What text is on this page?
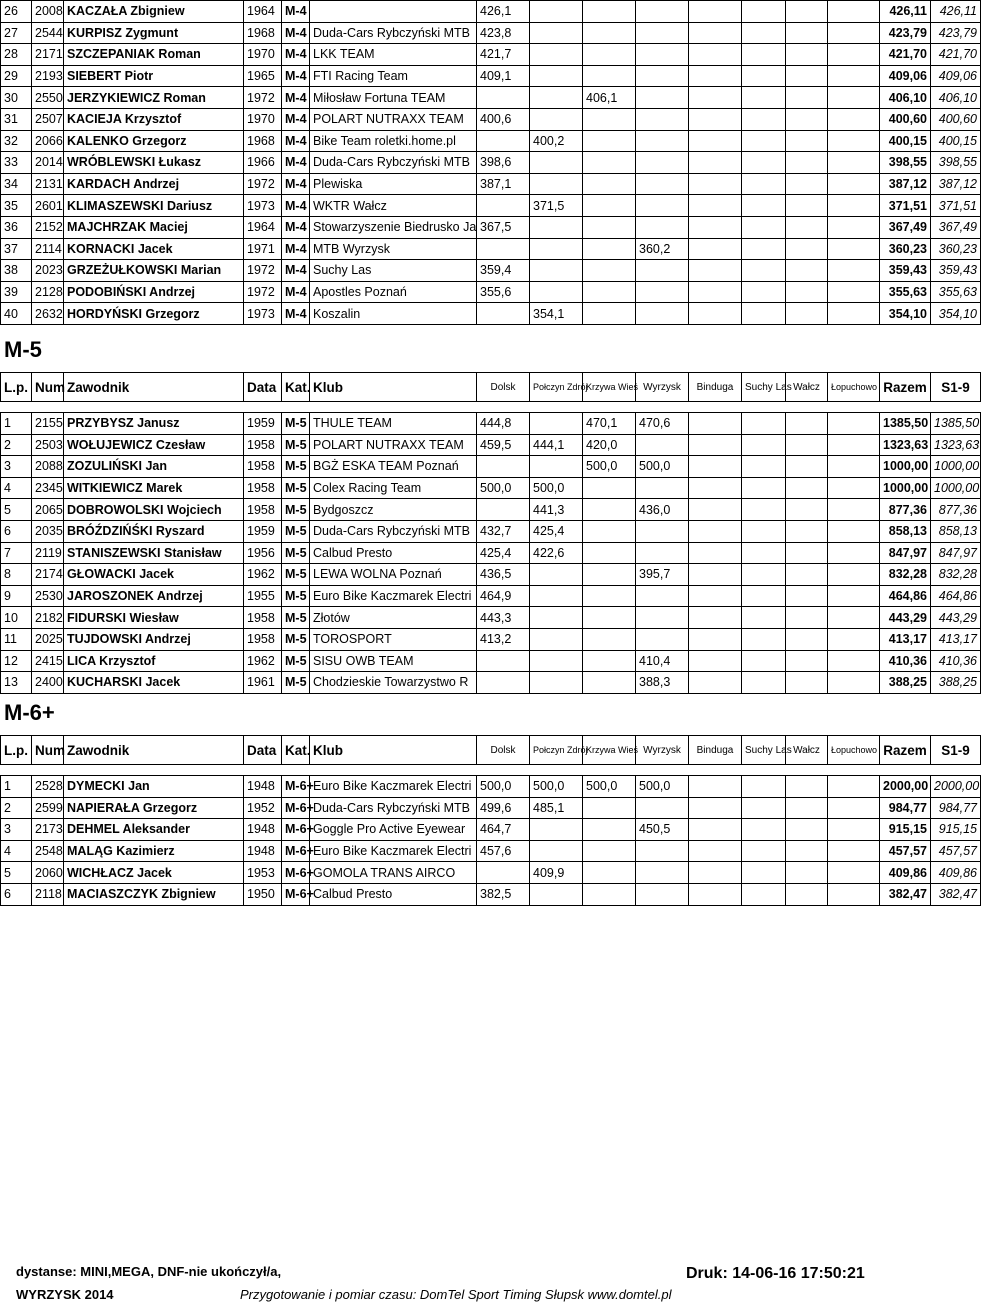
26	2008	KACZAŁA Zbigniew	1964	M-4		426,1								426,11	426,11
27	2544	KURPISZ Zygmunt	1968	M-4	Duda-Cars Rybczyński MTB	423,8								423,79	423,79
28	2171	SZCZEPANIAK Roman	1970	M-4	LKK TEAM	421,7								421,70	421,70
29	2193	SIEBERT Piotr	1965	M-4	FTI Racing Team	409,1								409,06	409,06
30	2550	JERZYKIEWICZ Roman	1972	M-4	Miłosław Fortuna TEAM			406,1						406,10	406,10
31	2507	KACIEJA Krzysztof	1970	M-4	POLART NUTRAXX TEAM	400,6								400,60	400,60
32	2066	KALENKO Grzegorz	1968	M-4	Bike Team roletki.home.pl		400,2							400,15	400,15
33	2014	WRÓBLEWSKI Łukasz	1966	M-4	Duda-Cars Rybczyński MTB	398,6								398,55	398,55
34	2131	KARDACH Andrzej	1972	M-4	Plewiska	387,1								387,12	387,12
35	2601	KLIMASZEWSKI Dariusz	1973	M-4	WKTR Wałcz		371,5							371,51	371,51
36	2152	MAJCHRZAK Maciej	1964	M-4	Stowarzyszenie Biedrusko Ja	367,5								367,49	367,49
37	2114	KORNACKI Jacek	1971	M-4	MTB Wyrzysk				360,2					360,23	360,23
38	2023	GRZEŻUŁKOWSKI Marian	1972	M-4	Suchy Las	359,4								359,43	359,43
39	2128	PODOBIŃSKI Andrzej	1972	M-4	Apostles Poznań	355,6								355,63	355,63
40	2632	HORDYŃSKI Grzegorz	1973	M-4	Koszalin		354,1							354,10	354,10
M-5
L.p.	Num	Zawodnik	Data	Kat.	Klub	Dolsk	Połczyn Zdrój	Krzywa Wieś	Wyrzysk	Binduga	Suchy Las	Wałcz	Łopuchowo	Razem	S1-9

1	2155	PRZYBYSZ Janusz	1959	M-5	THULE TEAM	444,8		470,1	470,6					1385,50	1385,50
2	2503	WOŁUJEWICZ Czesław	1958	M-5	POLART NUTRAXX TEAM	459,5	444,1	420,0						1323,63	1323,63
3	2088	ZOZULIŃSKI Jan	1958	M-5	BGŻ ESKA TEAM Poznań			500,0	500,0					1000,00	1000,00
4	2345	WITKIEWICZ Marek	1958	M-5	Colex Racing Team	500,0	500,0							1000,00	1000,00
5	2065	DOBROWOLSKI Wojciech	1958	M-5	Bydgoszcz		441,3		436,0					877,36	877,36
6	2035	BRÓŹDZIŃŚKI Ryszard	1959	M-5	Duda-Cars Rybczyński MTB	432,7	425,4							858,13	858,13
7	2119	STANISZEWSKI Stanisław	1956	M-5	Calbud Presto	425,4	422,6							847,97	847,97
8	2174	GŁOWACKI Jacek	1962	M-5	LEWA WOLNA Poznań	436,5			395,7					832,28	832,28
9	2530	JAROSZONEK Andrzej	1955	M-5	Euro Bike Kaczmarek Electri	464,9								464,86	464,86
10	2182	FIDURSKI Wiesław	1958	M-5	Złotów	443,3								443,29	443,29
11	2025	TUJDOWSKI Andrzej	1958	M-5	TOROSPORT	413,2								413,17	413,17
12	2415	LICA Krzysztof	1962	M-5	SISU OWB TEAM				410,4					410,36	410,36
13	2400	KUCHARSKI Jacek	1961	M-5	Chodzieskie Towarzystwo R				388,3					388,25	388,25
M-6+
L.p.	Num	Zawodnik	Data	Kat.	Klub	Dolsk	Połczyn Zdrój	Krzywa Wieś	Wyrzysk	Binduga	Suchy Las	Wałcz	Łopuchowo	Razem	S1-9

1	2528	DYMECKI Jan	1948	M-6+	Euro Bike Kaczmarek Electri	500,0	500,0	500,0	500,0					2000,00	2000,00
2	2599	NAPIERAŁA Grzegorz	1952	M-6+	Duda-Cars Rybczyński MTB	499,6	485,1							984,77	984,77
3	2173	DEHMEL Aleksander	1948	M-6+	Goggle Pro Active Eyewear	464,7			450,5					915,15	915,15
4	2548	MALĄG Kazimierz	1948	M-6+	Euro Bike Kaczmarek Electri	457,6								457,57	457,57
5	2060	WICHŁACZ Jacek	1953	M-6+	GOMOLA TRANS AIRCO		409,9							409,86	409,86
6	2118	MACIASZCZYK Zbigniew	1950	M-6+	Calbud Presto	382,5								382,47	382,47
dystanse: MINI,MEGA, DNF-nie ukończył/a,
WYRZYSK 2014	Przygotowanie i pomiar czasu: DomTel Sport Timing Słupsk www.domtel.pl
Druk: 14-06-16 17:50:21
